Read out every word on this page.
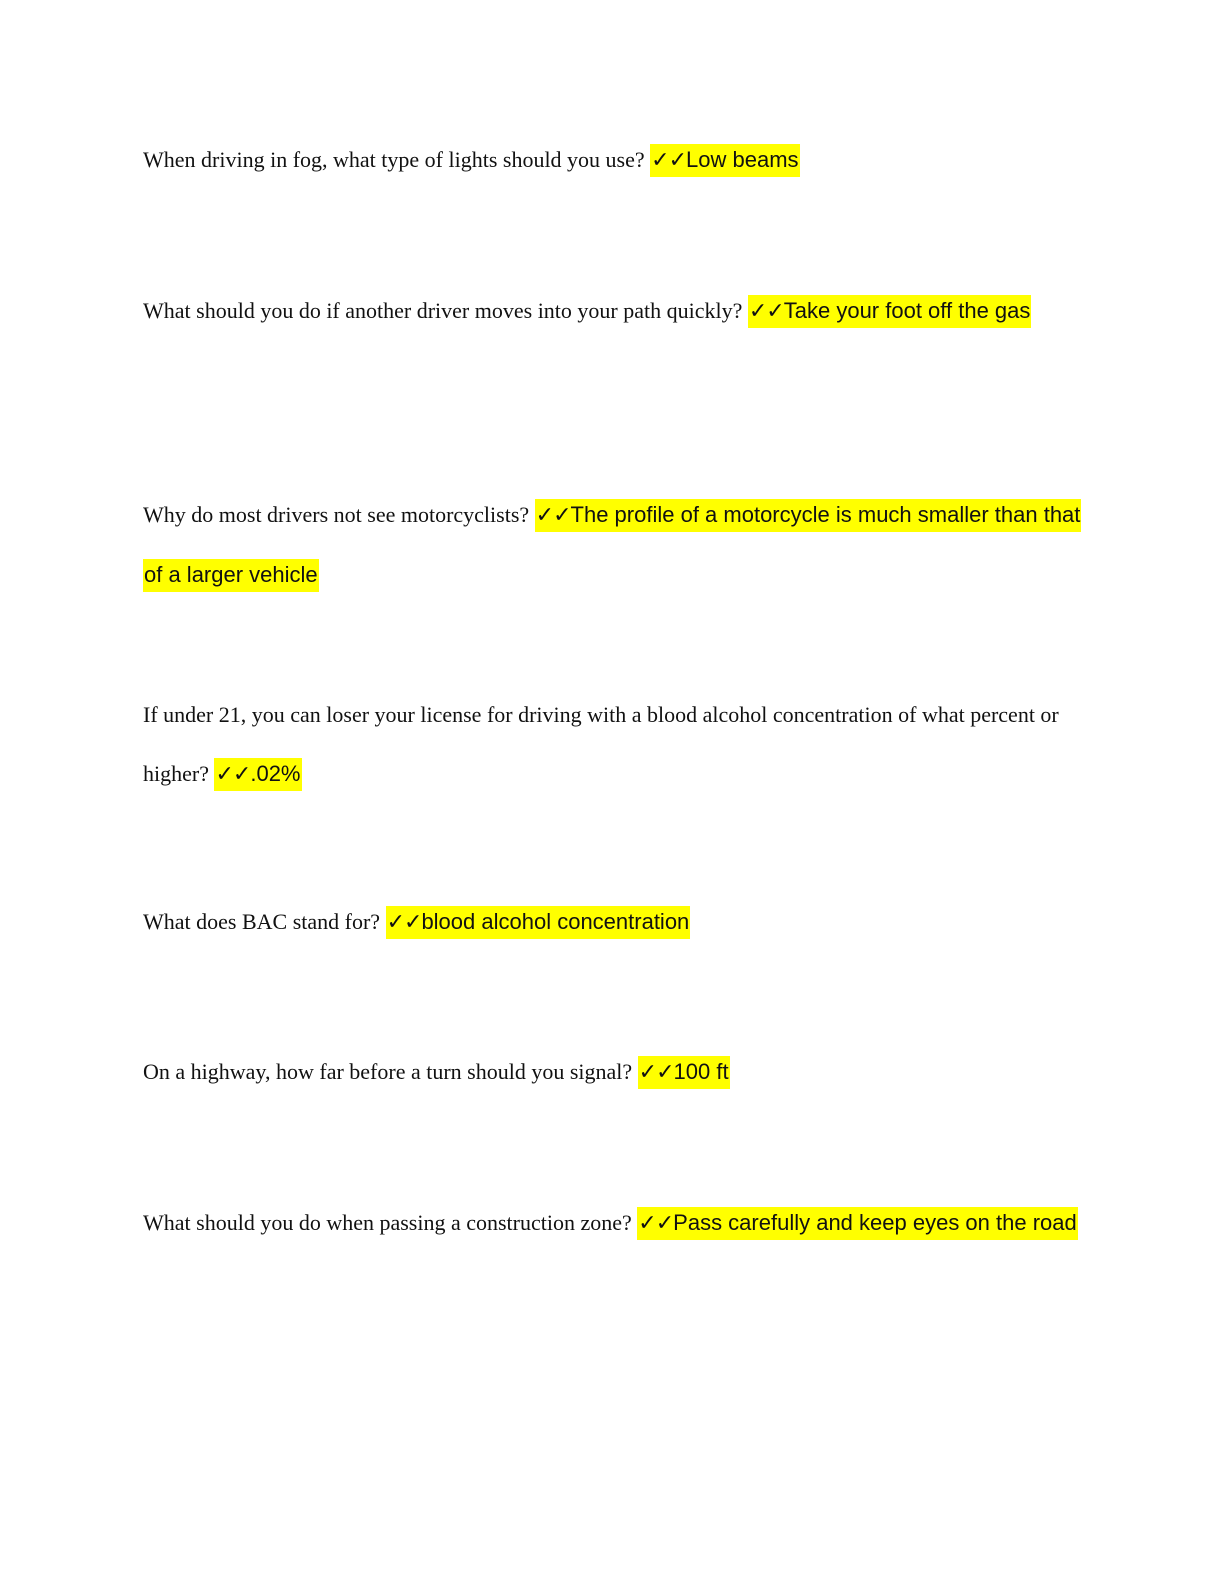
When driving in fog, what type of lights should you use? ✓✓Low beams

What should you do if another driver moves into your path quickly? ✓✓Take your foot off the gas

Why do most drivers not see motorcyclists? ✓✓The profile of a motorcycle is much smaller than that of a larger vehicle

If under 21, you can loser your license for driving with a blood alcohol concentration of what percent or higher? ✓✓.02%

What does BAC stand for? ✓✓blood alcohol concentration

On a highway, how far before a turn should you signal? ✓✓100 ft

What should you do when passing a construction zone? ✓✓Pass carefully and keep eyes on the road
